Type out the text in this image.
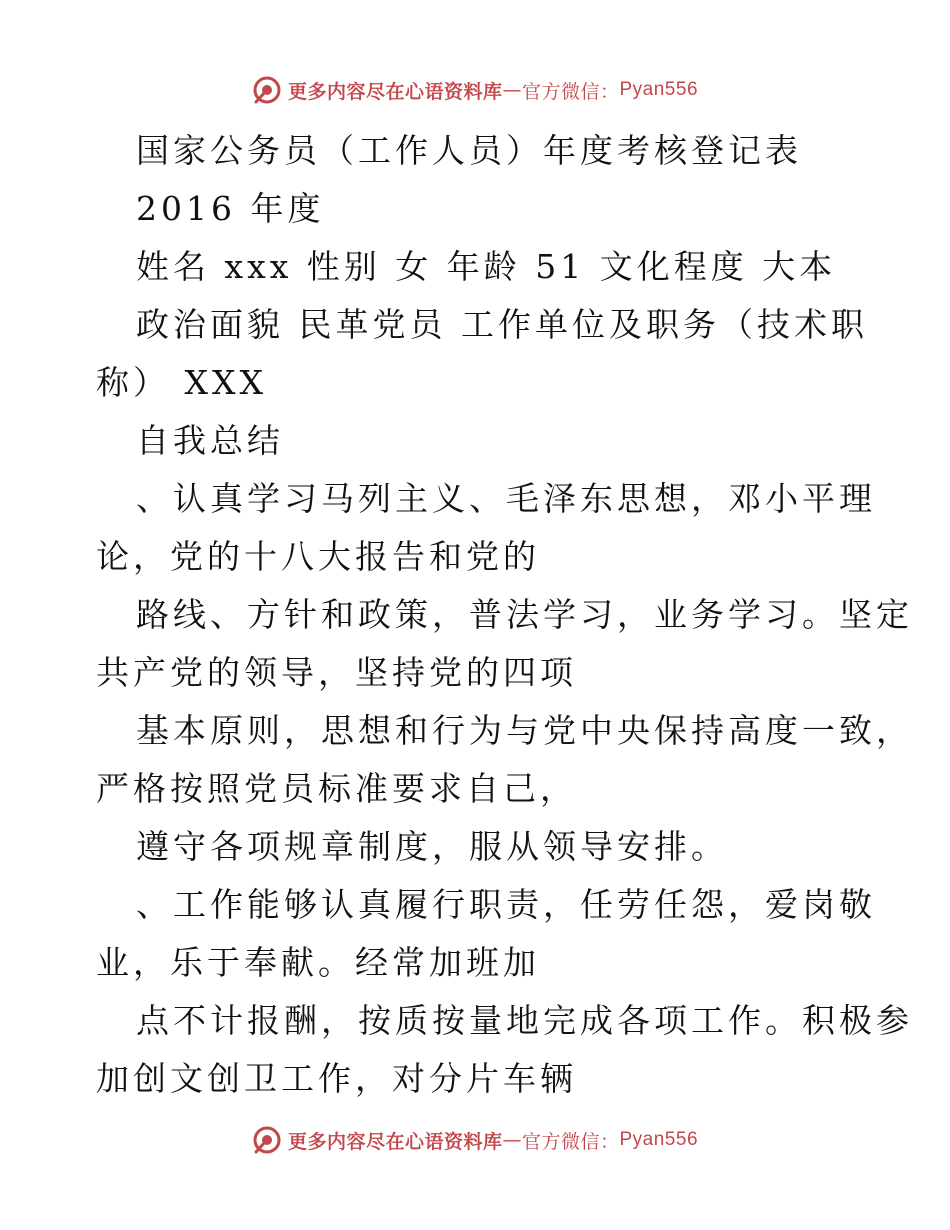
更多内容尽在心语资料库 — 官方微信： Pyan556
国家公务员（工作人员）年度考核登记表
2016 年度
姓名 xxx 性别 女 年龄 51 文化程度 大本
政治面貌 民革党员 工作单位及职务（技术职
称） XXX
自我总结
、认真学习马列主义、毛泽东思想，邓小平理
论，党的十八大报告和党的
路线、方针和政策，普法学习，业务学习。坚定
共产党的领导，坚持党的四项
基本原则，思想和行为与党中央保持高度一致，
严格按照党员标准要求自己，
遵守各项规章制度，服从领导安排。
、工作能够认真履行职责，任劳任怨，爱岗敬
业，乐于奉献。经常加班加
点不计报酬，按质按量地完成各项工作。积极参
加创文创卫工作，对分片车辆
更多内容尽在心语资料库 — 官方微信： Pyan556
